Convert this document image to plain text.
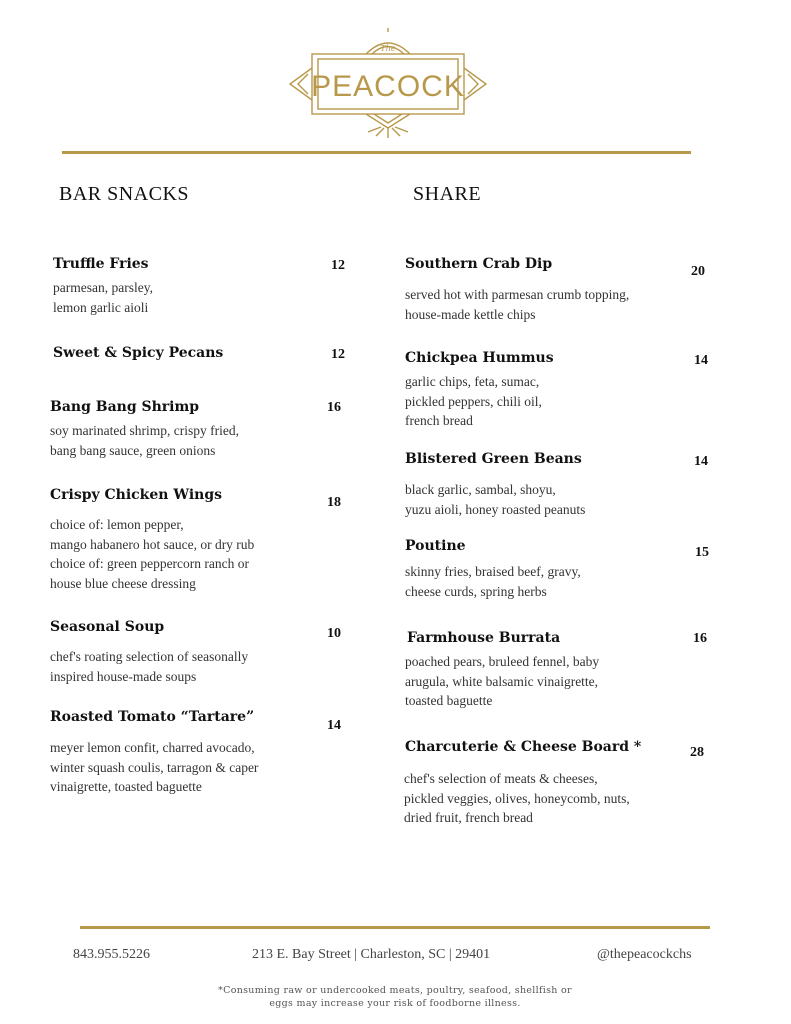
The
PEACOCK
BAR SNACKS	SHARE
Truffle Fries	12
parmesan, parsley,
lemon garlic aioli
Sweet & Spicy Pecans	12
Bang Bang Shrimp	16
soy marinated shrimp, crispy fried,
bang bang sauce, green onions
Crispy Chicken Wings	18
choice of: lemon pepper,
mango habanero hot sauce, or dry rub
choice of: green peppercorn ranch or
house blue cheese dressing
Seasonal Soup	10
chef's roating selection of seasonally
inspired house-made soups
Roasted Tomato “Tartare”
14
meyer lemon confit, charred avocado,
winter squash coulis, tarragon & caper
vinaigrette, toasted baguette
Southern Crab Dip	20
served hot with parmesan crumb topping,
house-made kettle chips
Chickpea Hummus	14
garlic chips, feta, sumac,
pickled peppers, chili oil,
french bread
Blistered Green Beans	14
black garlic, sambal, shoyu,
yuzu aioli, honey roasted peanuts
Poutine	15
skinny fries, braised beef, gravy,
cheese curds, spring herbs
Farmhouse Burrata	16
poached pears, bruleed fennel, baby
arugula, white balsamic vinaigrette,
toasted baguette
Charcuterie & Cheese Board *	28
chef's selection of meats & cheeses,
pickled veggies, olives, honeycomb, nuts,
dried fruit, french bread
843.955.5226	213 E. Bay Street | Charleston, SC | 29401	@thepeacockchs
*Consuming raw or undercooked meats, poultry, seafood, shellfish or
eggs may increase your risk of foodborne illness.
